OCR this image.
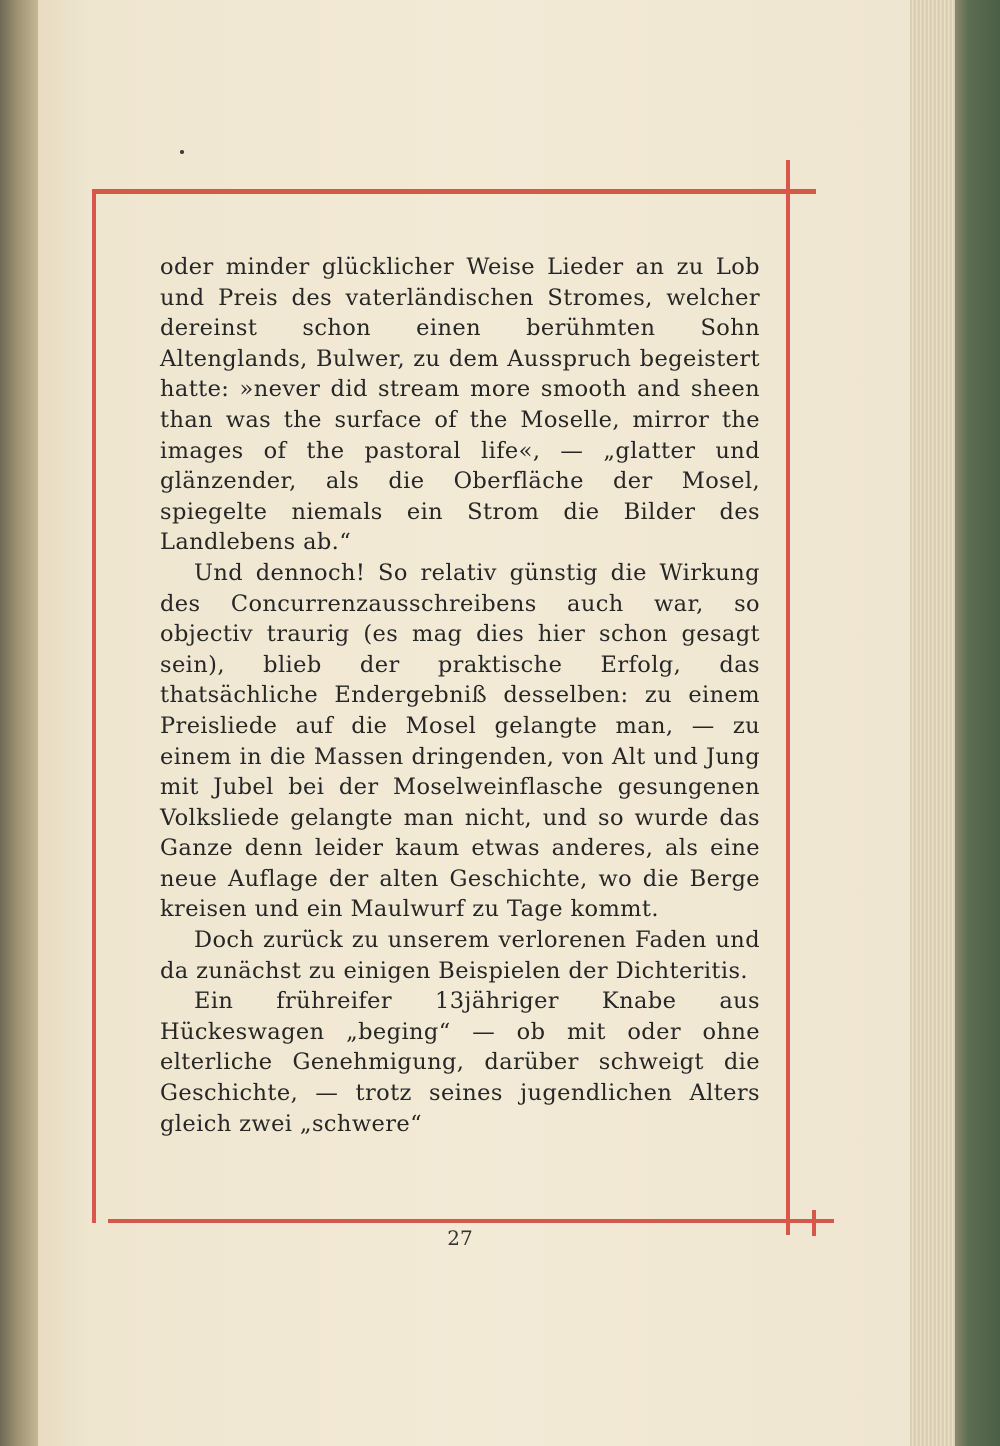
oder minder glücklicher Weise Lieder an zu Lob und Preis des vaterländischen Stromes, welcher dereinst schon einen berühmten Sohn Altenglands, Bulwer, zu dem Ausspruch begeistert hatte: »never did stream more smooth and sheen than was the surface of the Moselle, mirror the images of the pastoral life«, — „glatter und glänzender, als die Oberfläche der Mosel, spiegelte niemals ein Strom die Bilder des Landlebens ab.“

Und dennoch! So relativ günstig die Wirkung des Concurrenzausschreibens auch war, so objectiv traurig (es mag dies hier schon gesagt sein), blieb der praktische Erfolg, das thatsächliche Endergebniß desselben: zu einem Preisliede auf die Mosel gelangte man, — zu einem in die Massen dringenden, von Alt und Jung mit Jubel bei der Moselweinflasche gesungenen Volksliede gelangte man nicht, und so wurde das Ganze denn leider kaum etwas anderes, als eine neue Auflage der alten Geschichte, wo die Berge kreisen und ein Maulwurf zu Tage kommt.

Doch zurück zu unserem verlorenen Faden und da zunächst zu einigen Beispielen der Dichteritis.

Ein frühreifer 13jähriger Knabe aus Hückeswagen „beging“ — ob mit oder ohne elterliche Genehmigung, darüber schweigt die Geschichte, — trotz seines jugendlichen Alters gleich zwei „schwere“

27
